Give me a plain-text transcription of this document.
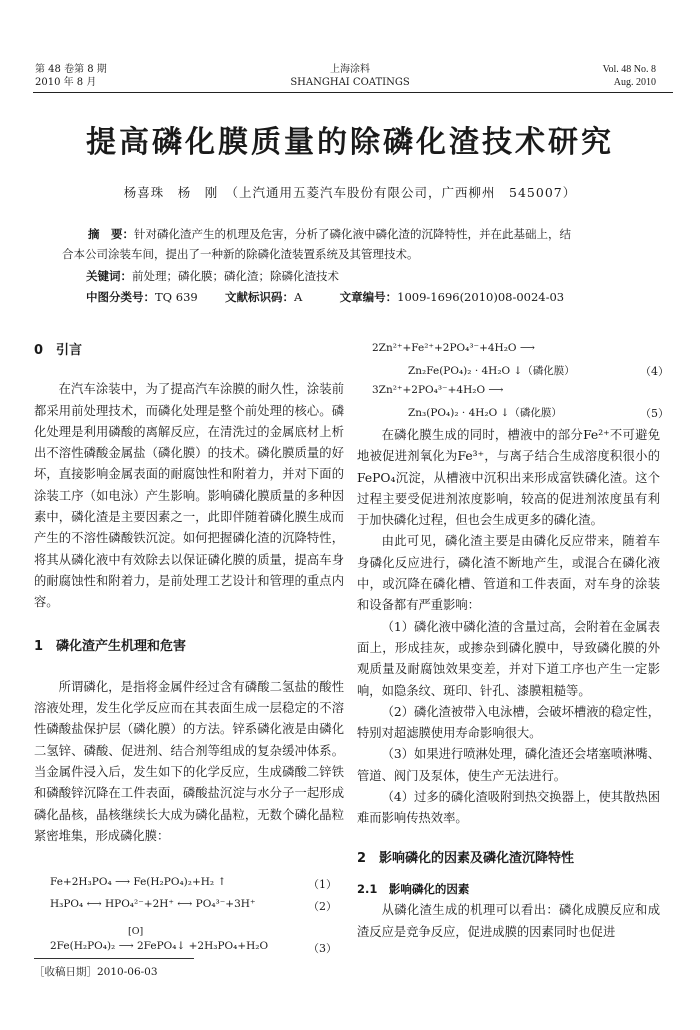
第 48 卷第 8 期
2010 年 8 月
上海涂料
SHANGHAI COATINGS
Vol. 48 No. 8
Aug. 2010
提高磷化膜质量的除磷化渣技术研究
杨喜珠　杨　刚　（上汽通用五菱汽车股份有限公司，广西柳州　545007）
摘　要：针对磷化渣产生的机理及危害，分析了磷化液中磷化渣的沉降特性，并在此基础上，结
合本公司涂装车间，提出了一种新的除磷化渣装置系统及其管理技术。
关键词：前处理；磷化膜；磷化渣；除磷化渣技术
中图分类号：TQ 639 文献标识码：A	文章编号：1009-1696(2010)08-0024-03
0　引言

在汽车涂装中，为了提高汽车涂膜的耐久性，涂装前都采用前处理技术，而磷化处理是整个前处理的核心。磷化处理是利用磷酸的离解反应，在清洗过的金属底材上析出不溶性磷酸金属盐（磷化膜）的技术。磷化膜质量的好坏，直接影响金属表面的耐腐蚀性和附着力，并对下面的涂装工序（如电泳）产生影响。影响磷化膜质量的多种因素中，磷化渣是主要因素之一，此即伴随着磷化膜生成而产生的不溶性磷酸铁沉淀。如何把握磷化渣的沉降特性，将其从磷化液中有效除去以保证磷化膜的质量，提高车身的耐腐蚀性和附着力，是前处理工艺设计和管理的重点内容。

1　磷化渣产生机理和危害

所谓磷化，是指将金属件经过含有磷酸二氢盐的酸性溶液处理，发生化学反应而在其表面生成一层稳定的不溶性磷酸盐保护层（磷化膜）的方法。锌系磷化液是由磷化二氢锌、磷酸、促进剂、结合剂等组成的复杂缓冲体系。当金属件浸入后，发生如下的化学反应，生成磷酸二锌铁和磷酸锌沉降在工件表面，磷酸盐沉淀与水分子一起形成磷化晶核，晶核继续长大成为磷化晶粒，无数个磷化晶粒紧密堆集，形成磷化膜：

Fe+2H₃PO₄ ⟶ Fe(H₂PO₄)₂+H₂ ↑	（1）
H₃PO₄ ⟷ HPO₄²⁻+2H⁺ ⟷ PO₄³⁻+3H⁺	（2）
[O]
2Fe(H₂PO₄)₂ ⟶ 2FePO₄↓ +2H₃PO₄+H₂O	（3）
［收稿日期］2010-06-03
2Zn²⁺+Fe²⁺+2PO₄³⁻+4H₂O ⟶
Zn₂Fe(PO₄)₂ · 4H₂O ↓（磷化膜）	（4）
3Zn²⁺+2PO₄³⁻+4H₂O ⟶
Zn₃(PO₄)₂ · 4H₂O ↓（磷化膜）	（5）

在磷化膜生成的同时，槽液中的部分Fe²⁺不可避免地被促进剂氧化为Fe³⁺，与离子结合生成溶度积很小的FePO₄沉淀，从槽液中沉积出来形成富铁磷化渣。这个过程主要受促进剂浓度影响，较高的促进剂浓度虽有利于加快磷化过程，但也会生成更多的磷化渣。

由此可见，磷化渣主要是由磷化反应带来，随着车身磷化反应进行，磷化渣不断地产生，或混合在磷化液中，或沉降在磷化槽、管道和工件表面，对车身的涂装和设备都有严重影响：

（1）磷化液中磷化渣的含量过高，会附着在金属表面上，形成挂灰，或掺杂到磷化膜中，导致磷化膜的外观质量及耐腐蚀效果变差，并对下道工序也产生一定影响，如隐条纹、斑印、针孔、漆膜粗糙等。

（2）磷化渣被带入电泳槽，会破坏槽液的稳定性，特别对超滤膜使用寿命影响很大。

（3）如果进行喷淋处理，磷化渣还会堵塞喷淋嘴、管道、阀门及泵体，使生产无法进行。

（4）过多的磷化渣吸附到热交换器上，使其散热困难而影响传热效率。

2　影响磷化的因素及磷化渣沉降特性
2.1　影响磷化的因素

从磷化渣生成的机理可以看出：磷化成膜反应和成渣反应是竞争反应，促进成膜的因素同时也促进
